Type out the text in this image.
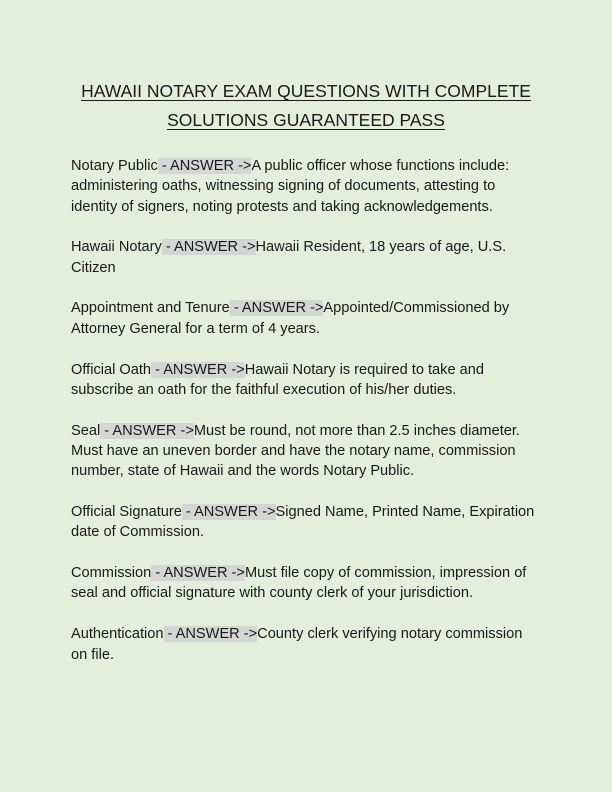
HAWAII NOTARY EXAM QUESTIONS WITH COMPLETE
SOLUTIONS GUARANTEED PASS

Notary Public - ANSWER ->A public officer whose functions include: administering oaths, witnessing signing of documents, attesting to identity of signers, noting protests and taking acknowledgements.

Hawaii Notary - ANSWER ->Hawaii Resident, 18 years of age, U.S. Citizen

Appointment and Tenure - ANSWER ->Appointed/Commissioned by Attorney General for a term of 4 years.

Official Oath - ANSWER ->Hawaii Notary is required to take and subscribe an oath for the faithful execution of his/her duties.

Seal - ANSWER ->Must be round, not more than 2.5 inches diameter. Must have an uneven border and have the notary name, commission number, state of Hawaii and the words Notary Public.

Official Signature - ANSWER ->Signed Name, Printed Name, Expiration date of Commission.

Commission - ANSWER ->Must file copy of commission, impression of seal and official signature with county clerk of your jurisdiction.

Authentication - ANSWER ->County clerk verifying notary commission on file.
